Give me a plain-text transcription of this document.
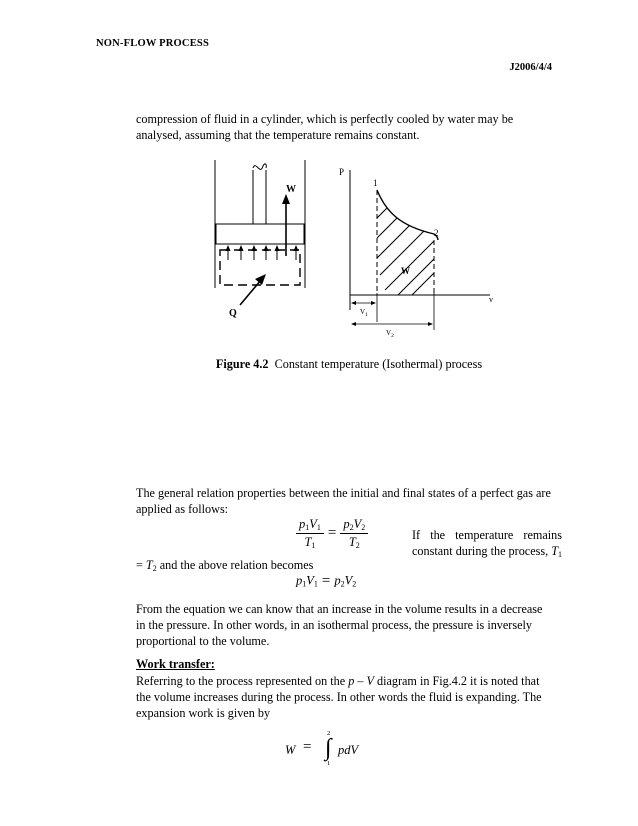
NON-FLOW PROCESS
J2006/4/4
compression of fluid in a cylinder, which is perfectly cooled by water may be
analysed, assuming that the temperature remains constant.
W
Q
P
v
1
2
W
$V_1$
$V_2$
Figure 4.2 Constant temperature (Isothermal) process
The general relation properties between the initial and final states of a perfect gas are
applied as follows:
$\frac{p_1V_1}{T_1} = \frac{p_2V_2}{T_2}$	If the temperature remains
constant during the process, $T_1$
= $T_2$ and the above relation becomes
$p_1V_1 = p_2V_2$
From the equation we can know that an increase in the volume results in a decrease
in the pressure. In other words, in an isothermal process, the pressure is inversely
proportional to the volume.
Work transfer:
Referring to the process represented on the p – V diagram in Fig.4.2 it is noted that
the volume increases during the process. In other words the fluid is expanding. The
expansion work is given by
W =
2
∫
1
pdV
